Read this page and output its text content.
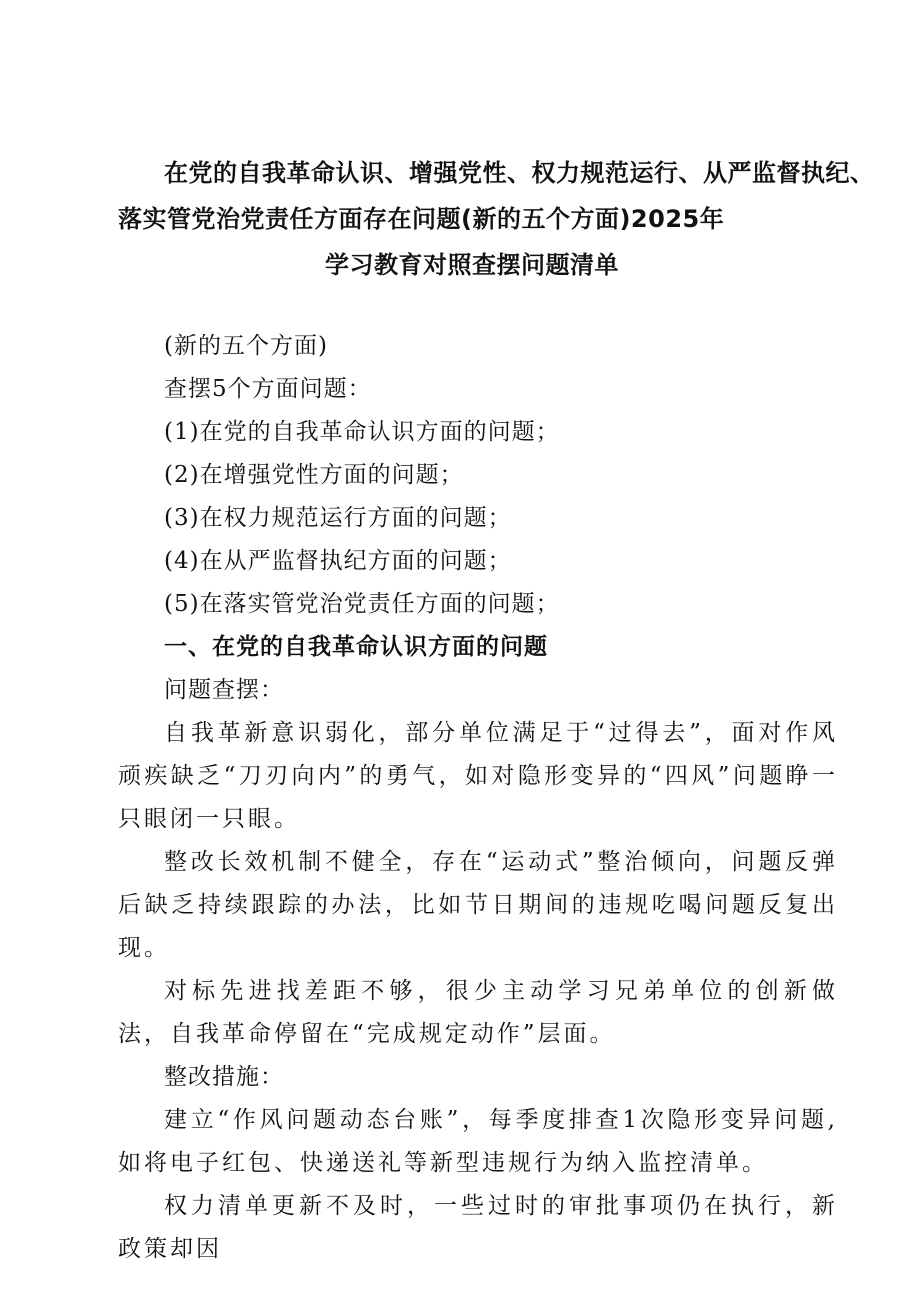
在党的自我革命认识、增强党性、权力规范运行、从严监督执纪、
落实管党治党责任方面存在问题(新的五个方面)2025年
学习教育对照查摆问题清单
(新的五个方面)
查摆5个方面问题：
(1)在党的自我革命认识方面的问题；
(2)在增强党性方面的问题；
(3)在权力规范运行方面的问题；
(4)在从严监督执纪方面的问题；
(5)在落实管党治党责任方面的问题；
一、在党的自我革命认识方面的问题
问题查摆：

自我革新意识弱化，部分单位满足于“过得去”，面对作风顽疾缺乏“刀刃向内”的勇气，如对隐形变异的“四风”问题睁一只眼闭一只眼。

整改长效机制不健全，存在“运动式”整治倾向，问题反弹后缺乏持续跟踪的办法，比如节日期间的违规吃喝问题反复出现。

对标先进找差距不够，很少主动学习兄弟单位的创新做法，自我革命停留在“完成规定动作”层面。

整改措施：

建立“作风问题动态台账”，每季度排查1次隐形变异问题,如将电子红包、快递送礼等新型违规行为纳入监控清单。

权力清单更新不及时，一些过时的审批事项仍在执行，新政策却因
